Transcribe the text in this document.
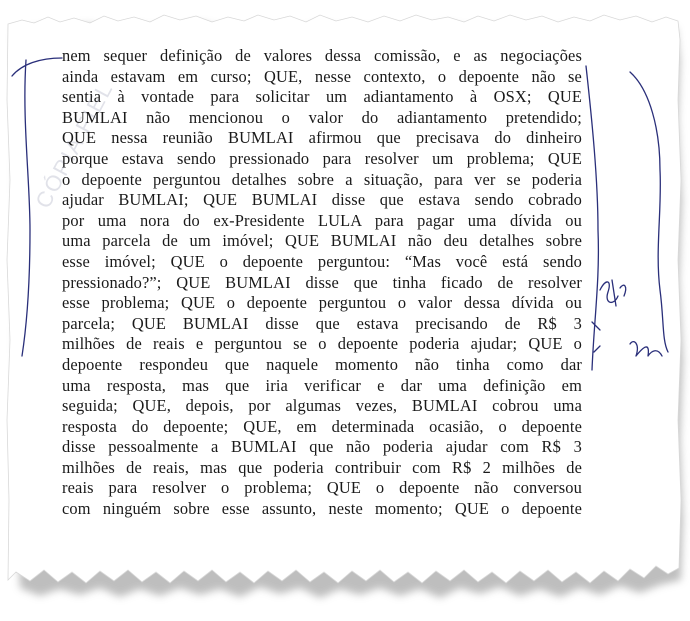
CÓPIA FIEL
nem sequer definição de valores dessa comissão, e as negociações
ainda estavam em curso; QUE, nesse contexto, o depoente não se
sentia à vontade para solicitar um adiantamento à OSX; QUE
BUMLAI não mencionou o valor do adiantamento pretendido;
QUE nessa reunião BUMLAI afirmou que precisava do dinheiro
porque estava sendo pressionado para resolver um problema; QUE
o depoente perguntou detalhes sobre a situação, para ver se poderia
ajudar BUMLAI; QUE BUMLAI disse que estava sendo cobrado
por uma nora do ex-Presidente LULA para pagar uma dívida ou
uma parcela de um imóvel; QUE BUMLAI não deu detalhes sobre
esse imóvel; QUE o depoente perguntou: “Mas você está sendo
pressionado?”; QUE BUMLAI disse que tinha ficado de resolver
esse problema; QUE o depoente perguntou o valor dessa dívida ou
parcela; QUE BUMLAI disse que estava precisando de R$ 3
milhões de reais e perguntou se o depoente poderia ajudar; QUE o
depoente respondeu que naquele momento não tinha como dar
uma resposta, mas que iria verificar e dar uma definição em
seguida; QUE, depois, por algumas vezes, BUMLAI cobrou uma
resposta do depoente; QUE, em determinada ocasião, o depoente
disse pessoalmente a BUMLAI que não poderia ajudar com R$ 3
milhões de reais, mas que poderia contribuir com R$ 2 milhões de
reais para resolver o problema; QUE o depoente não conversou
com ninguém sobre esse assunto, neste momento; QUE o depoente
